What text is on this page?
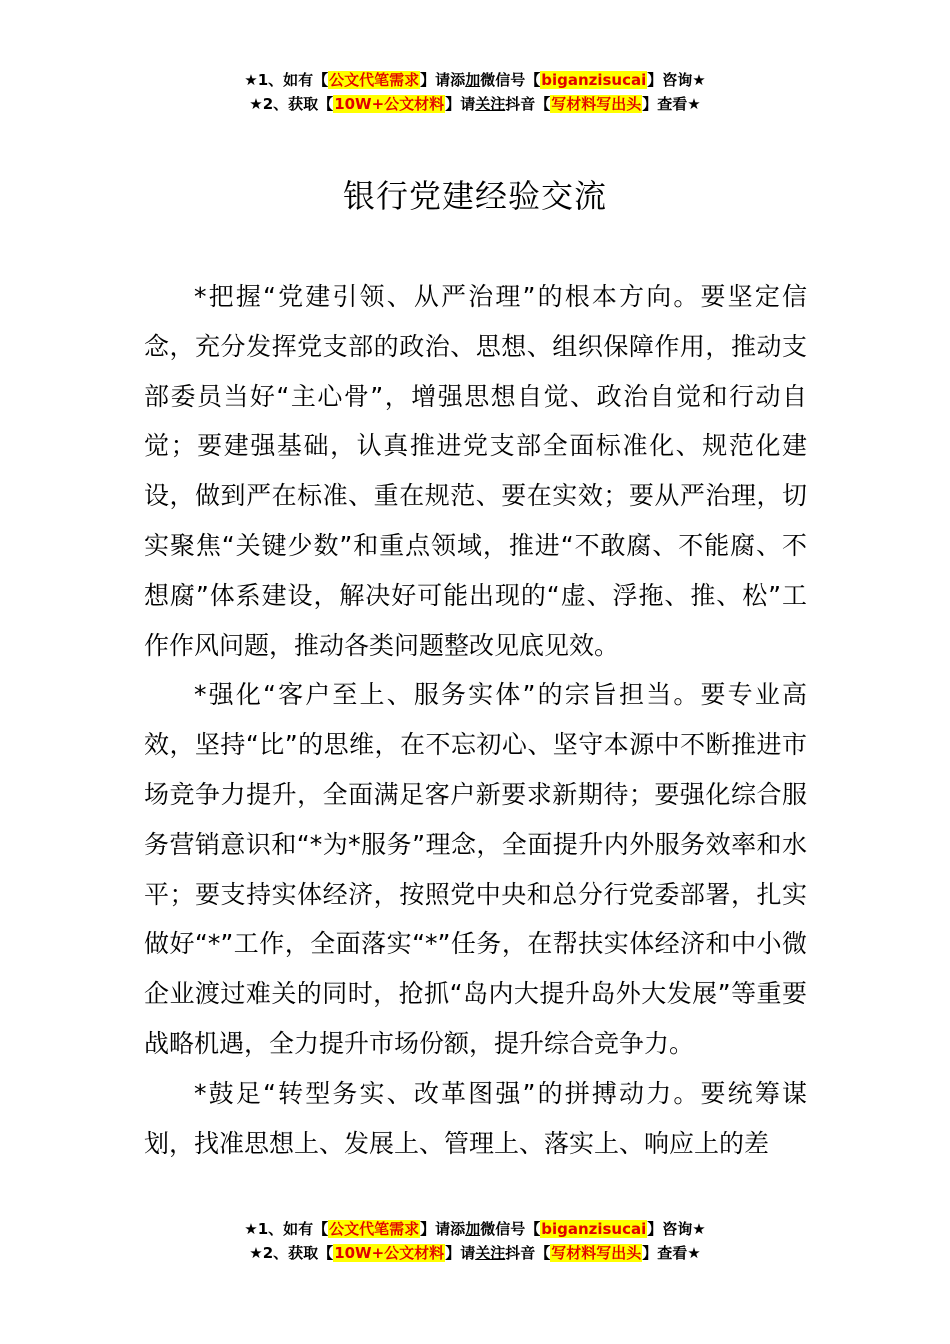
★1、如有【公文代笔需求】请添加微信号【biganzisucai】咨询★
★2、获取【10W+公文材料】请关注抖音【写材料写出头】查看★
银行党建经验交流

*把握“党建引领、从严治理”的根本方向。要坚定信念，充分发挥党支部的政治、思想、组织保障作用，推动支部委员当好“主心骨”，增强思想自觉、政治自觉和行动自觉；要建强基础，认真推进党支部全面标准化、规范化建设，做到严在标准、重在规范、要在实效；要从严治理，切实聚焦“关键少数”和重点领域，推进“不敢腐、不能腐、不想腐”体系建设，解决好可能出现的“虚、浮拖、推、松”工作作风问题，推动各类问题整改见底见效。

*强化“客户至上、服务实体”的宗旨担当。要专业高效，坚持“比”的思维，在不忘初心、坚守本源中不断推进市场竞争力提升，全面满足客户新要求新期待；要强化综合服务营销意识和“*为*服务”理念，全面提升内外服务效率和水平；要支持实体经济，按照党中央和总分行党委部署，扎实做好“*”工作，全面落实“*”任务，在帮扶实体经济和中小微企业渡过难关的同时，抢抓“岛内大提升岛外大发展”等重要战略机遇，全力提升市场份额，提升综合竞争力。

*鼓足“转型务实、改革图强”的拼搏动力。要统筹谋划，找准思想上、发展上、管理上、落实上、响应上的差

★1、如有【公文代笔需求】请添加微信号【biganzisucai】咨询★
★2、获取【10W+公文材料】请关注抖音【写材料写出头】查看★
